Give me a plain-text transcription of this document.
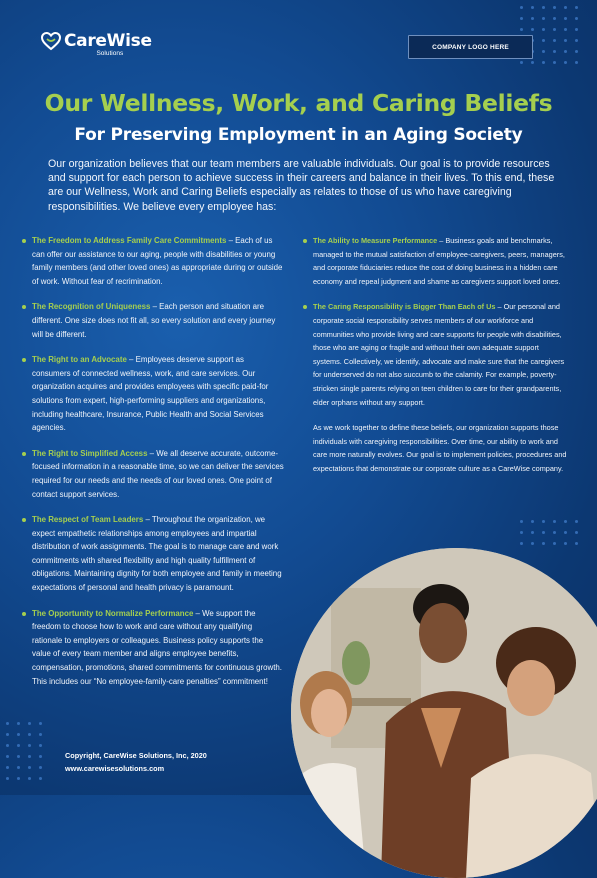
CareWise
Solutions
COMPANY LOGO HERE
Our Wellness, Work, and Caring Beliefs
For Preserving Employment in an Aging Society

Our organization believes that our team members are valuable individuals. Our goal is to provide resources and support for each person to achieve success in their careers and balance in their lives. To this end, these are our Wellness, Work and Caring Beliefs especially as relates to those of us who have caregiving responsibilities. We believe every employee has:

The Freedom to Address Family Care Commitments – Each of us can offer our assistance to our aging, people with disabilities or young family members (and other loved ones) as appropriate during or outside of work. Without fear of recrimination.

The Recognition of Uniqueness – Each person and situation are different. One size does not fit all, so every solution and every journey will be different.

The Right to an Advocate – Employees deserve support as consumers of connected wellness, work, and care services. Our organization acquires and provides employees with specific paid-for solutions from expert, high-performing suppliers and organizations, including healthcare, Insurance, Public Health and Social Services agencies.

The Right to Simplified Access – We all deserve accurate, outcome-focused information in a reasonable time, so we can deliver the services required for our needs and the needs of our loved ones. One point of contact support services.

The Respect of Team Leaders – Throughout the organization, we expect empathetic relationships among employees and impartial distribution of work assignments. The goal is to manage care and work commitments with shared flexibility and high quality fulfillment of obligations. Maintaining dignity for both employee and family in meeting expectations of personal and health privacy is paramount.

The Opportunity to Normalize Performance – We support the freedom to choose how to work and care without any qualifying rationale to employers or colleagues. Business policy supports the value of every team member and aligns employee benefits, compensation, promotions, shared commitments for continuous growth. This includes our “No employee-family-care penalties” commitment!

The Ability to Measure Performance – Business goals and benchmarks, managed to the mutual satisfaction of employee-caregivers, peers, managers, and corporate fiduciaries reduce the cost of doing business in a hidden care economy and repeal judgment and shame as caregivers support loved ones.

The Caring Responsibility is Bigger Than Each of Us – Our personal and corporate social responsibility serves members of our workforce and communities who provide living and care supports for people with disabilities, those who are aging or fragile and without their own adequate support systems. Collectively, we identify, advocate and make sure that the caregivers for underserved do not also succumb to the calamity. For example, poverty-stricken single parents relying on teen children to care for their grandparents, elder orphans without any support.

As we work together to define these beliefs, our organization supports those individuals with caregiving responsibilities. Over time, our ability to work and care more naturally evolves. Our goal is to implement policies, procedures and expectations that demonstrate our corporate culture as a CareWise company.

Copyright, CareWise Solutions, Inc, 2020
www.carewisesolutions.com
